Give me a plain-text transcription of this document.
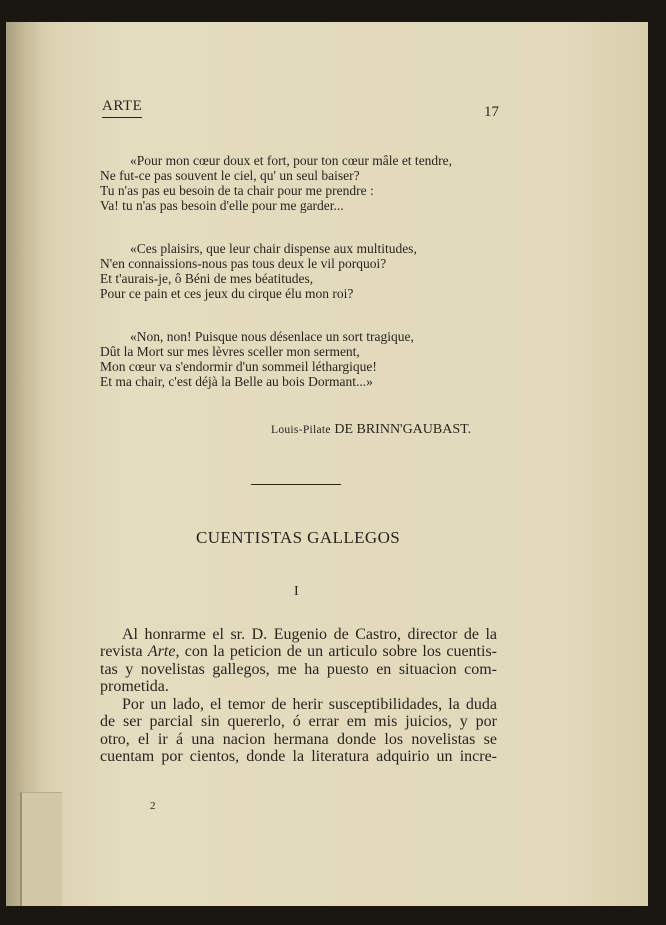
ARTE	17
«Pour mon cœur doux et fort, pour ton cœur mâle et tendre,
Ne fut-ce pas souvent le ciel, qu' un seul baiser?
Tu n'as pas eu besoin de ta chair pour me prendre :
Va! tu n'as pas besoin d'elle pour me garder...
«Ces plaisirs, que leur chair dispense aux multitudes,
N'en connaissions-nous pas tous deux le vil porquoi?
Et t'aurais-je, ô Béni de mes béatitudes,
Pour ce pain et ces jeux du cirque élu mon roi?
«Non, non! Puisque nous désenlace un sort tragique,
Dût la Mort sur mes lèvres sceller mon serment,
Mon cœur va s'endormir d'un sommeil léthargique!
Et ma chair, c'est déjà la Belle au bois Dormant...»
Louis-Pilate DE BRINN'GAUBAST.
CUENTISTAS GALLEGOS
I
Al honrarme el sr. D. Eugenio de Castro, director de la
revista Arte, con la peticion de un articulo sobre los cuentis-
tas y novelistas gallegos, me ha puesto en situacion com-
prometida.
Por un lado, el temor de herir susceptibilidades, la duda
de ser parcial sin quererlo, ó errar em mis juicios, y por
otro, el ir á una nacion hermana donde los novelistas se
cuentam por cientos, donde la literatura adquirio un incre-
2
